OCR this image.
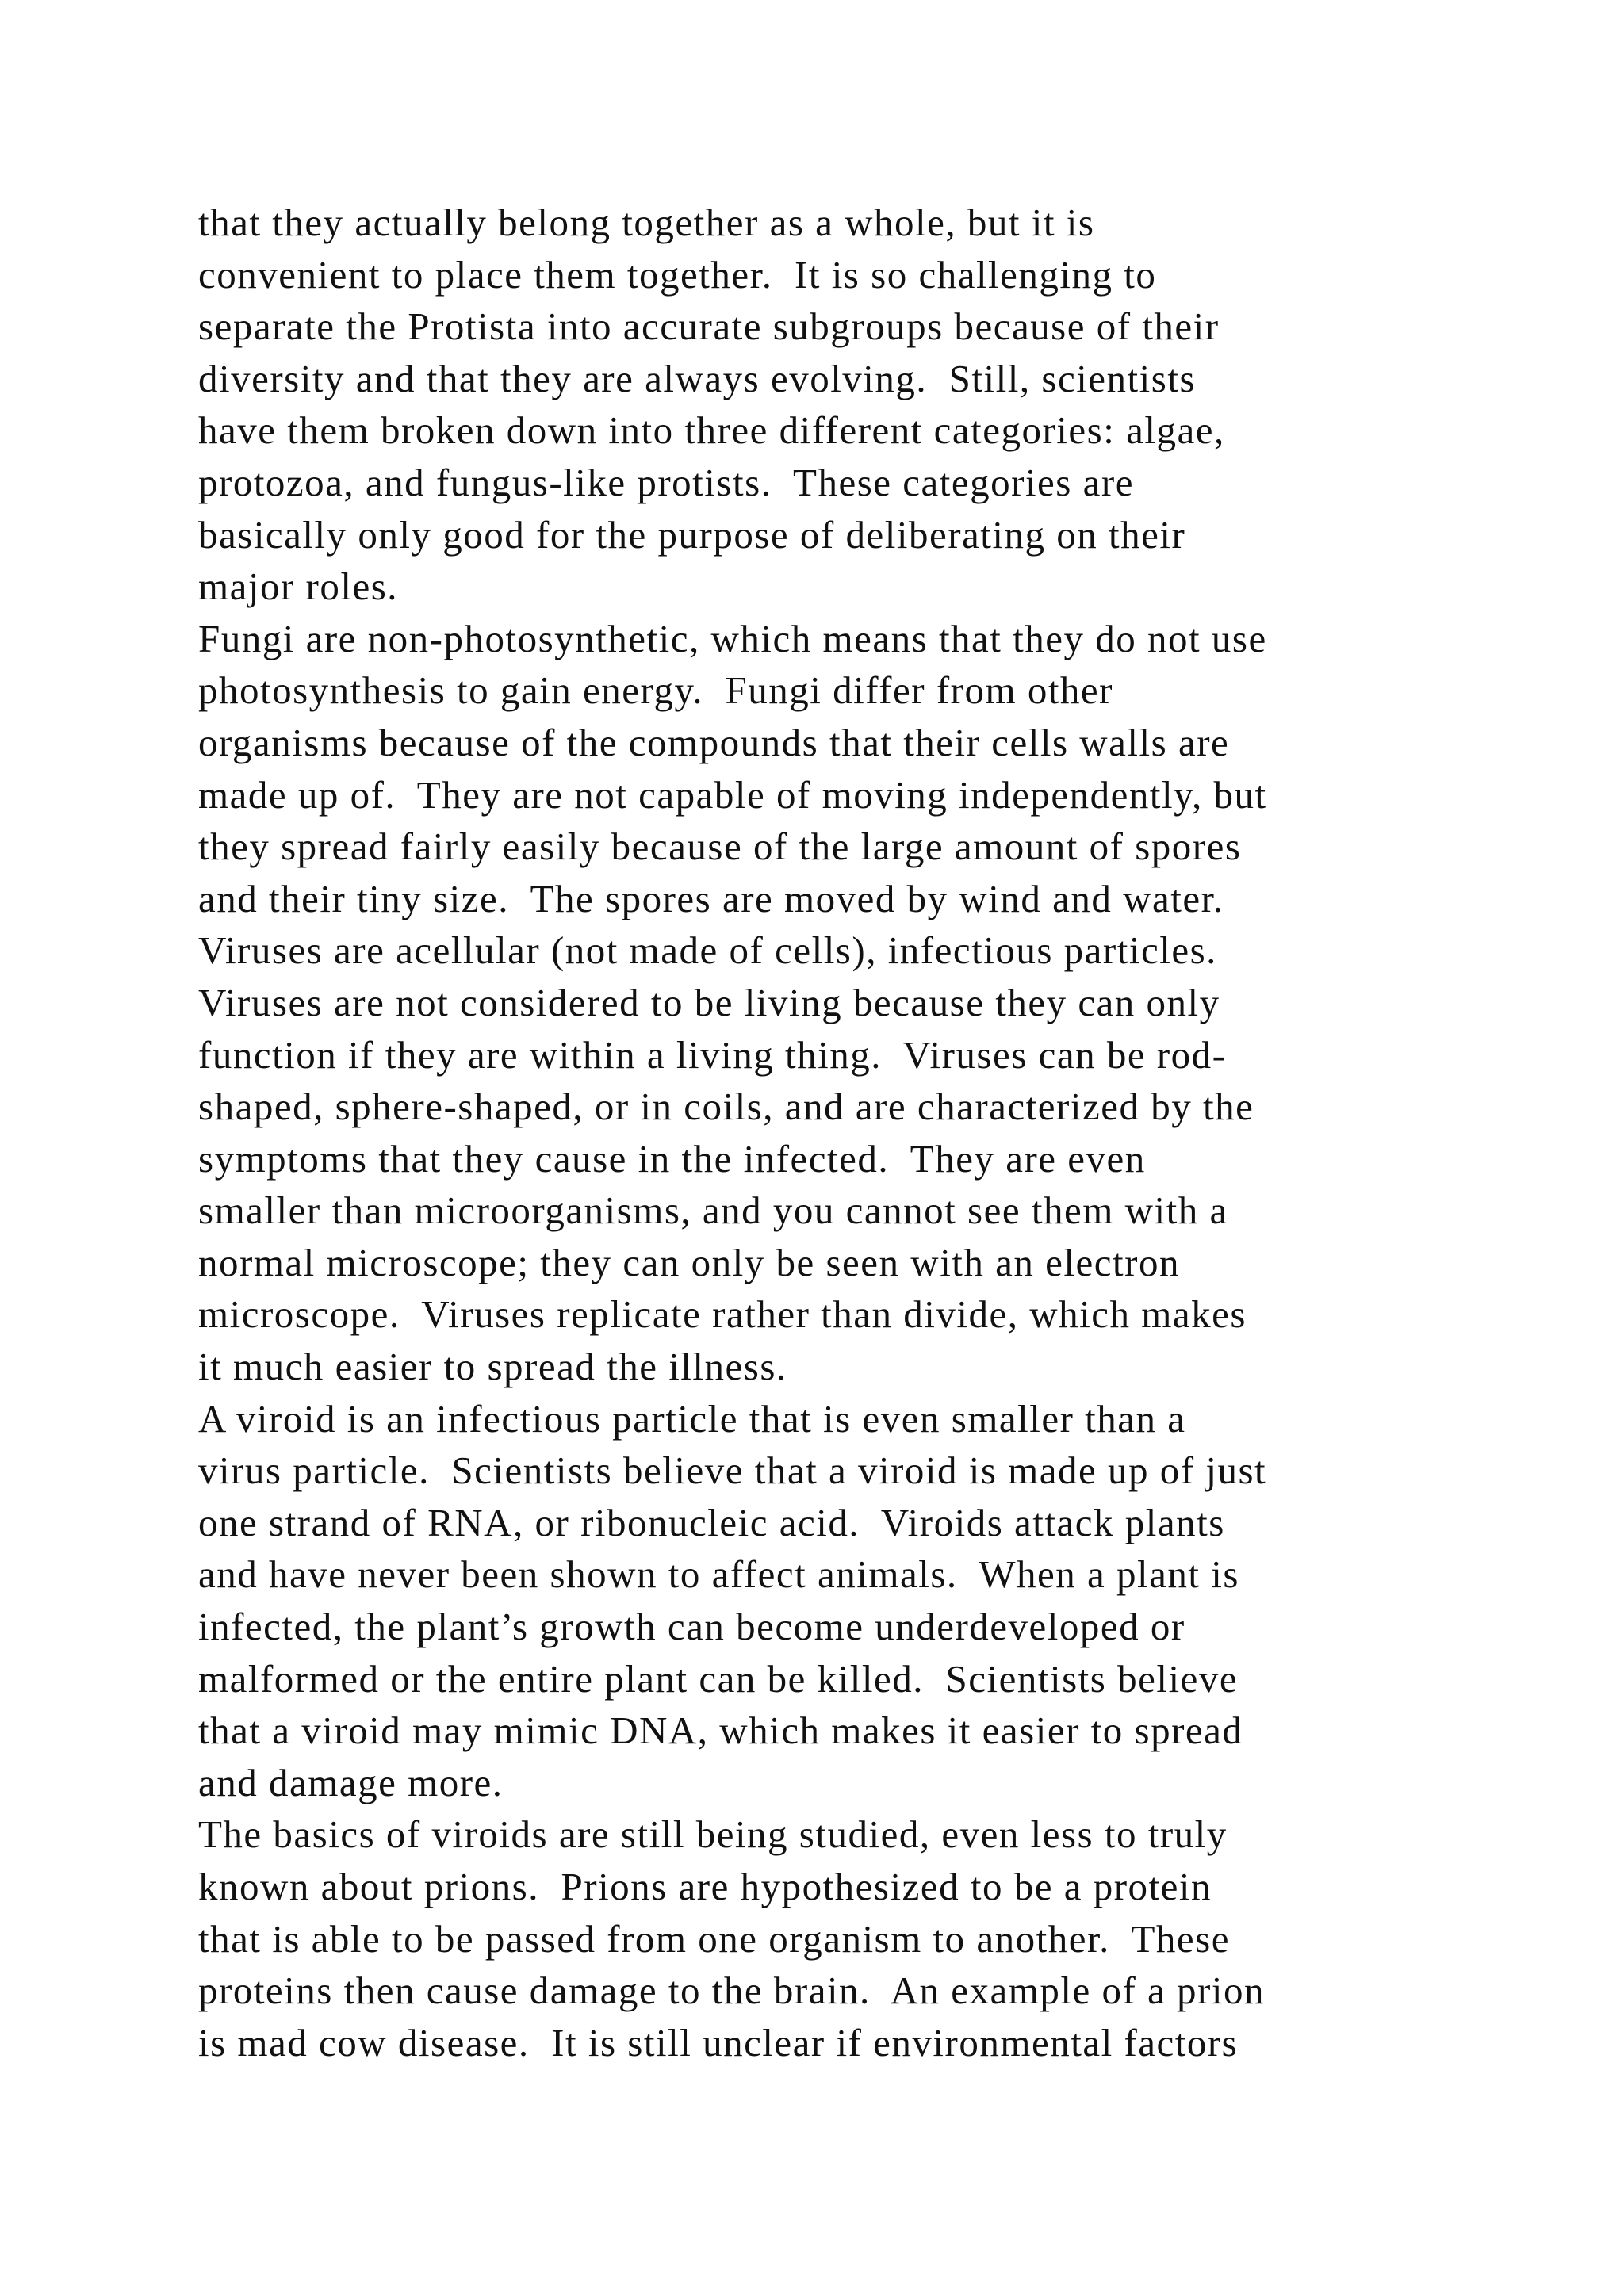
that they actually belong together as a whole, but it is
convenient to place them together.  It is so challenging to
separate the Protista into accurate subgroups because of their
diversity and that they are always evolving.  Still, scientists
have them broken down into three different categories: algae,
protozoa, and fungus-like protists.  These categories are
basically only good for the purpose of deliberating on their
major roles.
Fungi are non-photosynthetic, which means that they do not use
photosynthesis to gain energy.  Fungi differ from other
organisms because of the compounds that their cells walls are
made up of.  They are not capable of moving independently, but
they spread fairly easily because of the large amount of spores
and their tiny size.  The spores are moved by wind and water.
Viruses are acellular (not made of cells), infectious particles.
Viruses are not considered to be living because they can only
function if they are within a living thing.  Viruses can be rod-
shaped, sphere-shaped, or in coils, and are characterized by the
symptoms that they cause in the infected.  They are even
smaller than microorganisms, and you cannot see them with a
normal microscope; they can only be seen with an electron
microscope.  Viruses replicate rather than divide, which makes
it much easier to spread the illness.
A viroid is an infectious particle that is even smaller than a
virus particle.  Scientists believe that a viroid is made up of just
one strand of RNA, or ribonucleic acid.  Viroids attack plants
and have never been shown to affect animals.  When a plant is
infected, the plant’s growth can become underdeveloped or
malformed or the entire plant can be killed.  Scientists believe
that a viroid may mimic DNA, which makes it easier to spread
and damage more.
The basics of viroids are still being studied, even less to truly
known about prions.  Prions are hypothesized to be a protein
that is able to be passed from one organism to another.  These
proteins then cause damage to the brain.  An example of a prion
is mad cow disease.  It is still unclear if environmental factors
